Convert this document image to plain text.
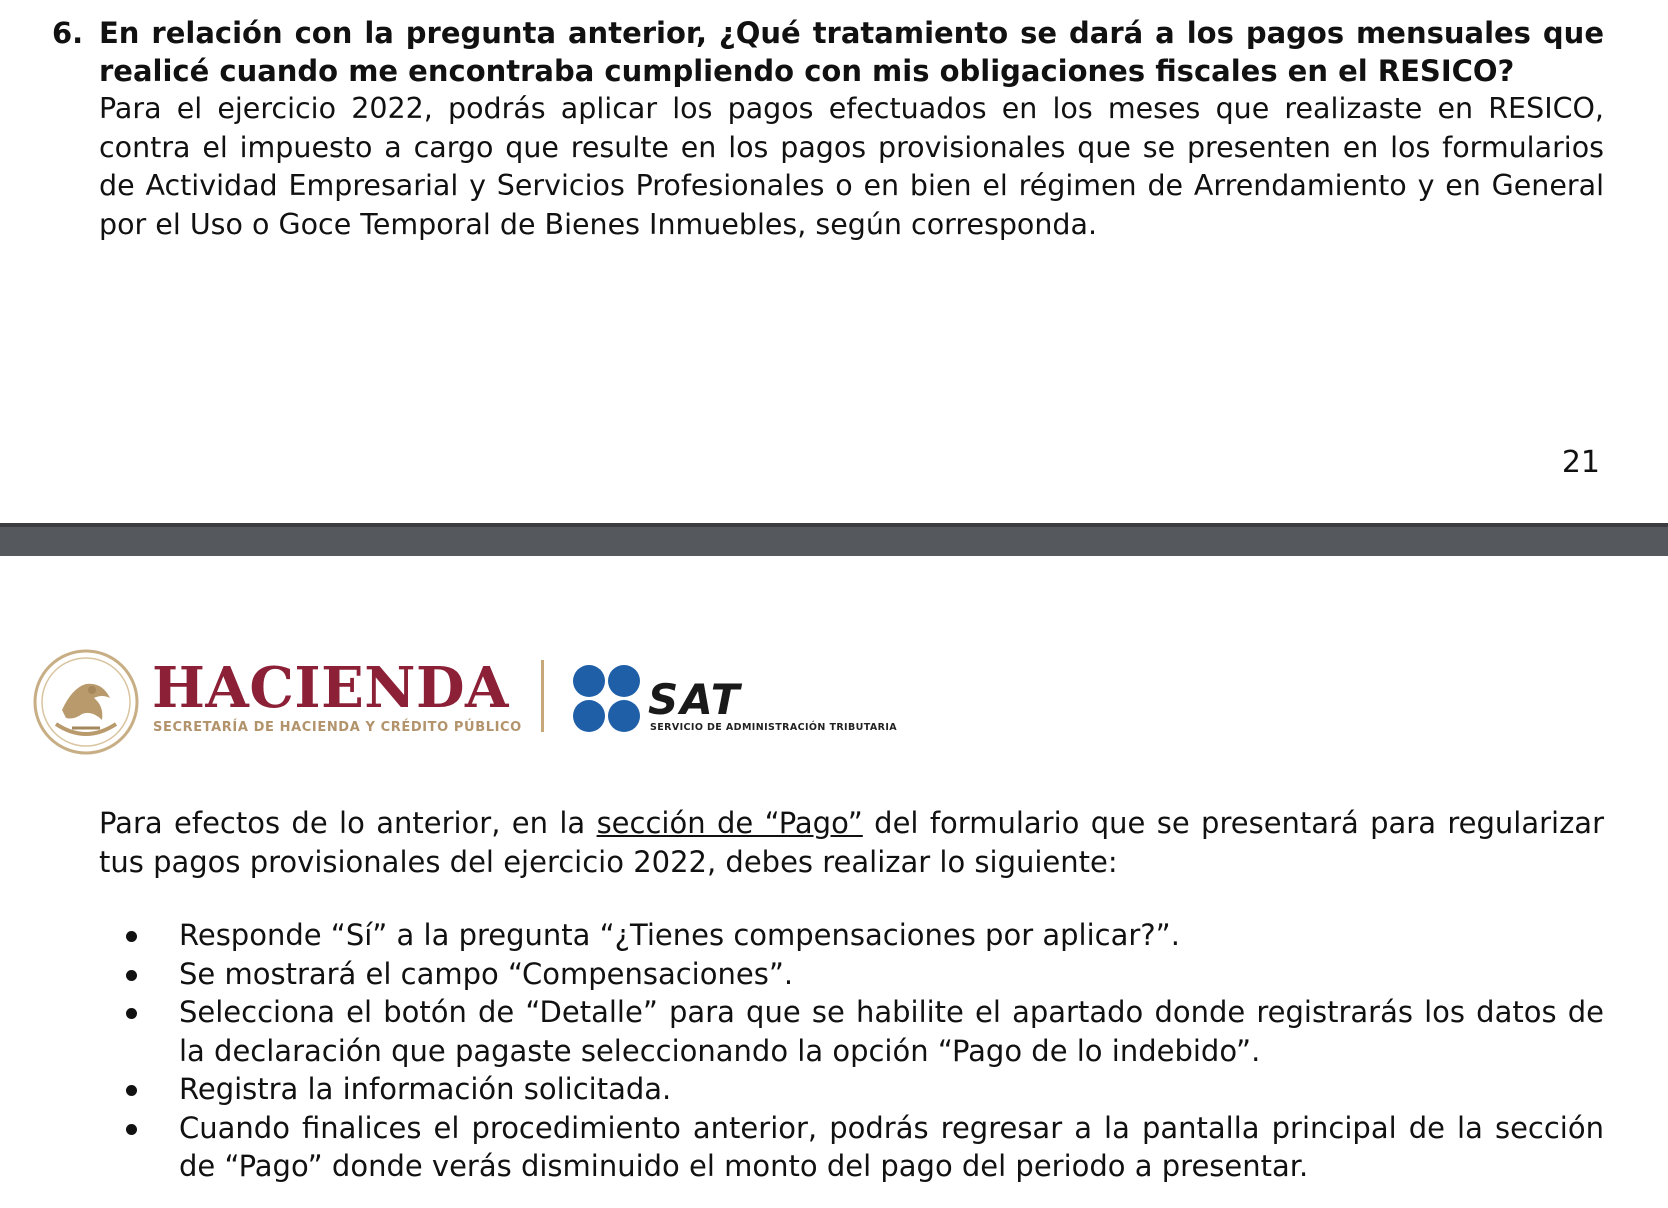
6. En relación con la pregunta anterior, ¿Qué tratamiento se dará a los pagos mensuales que realicé cuando me encontraba cumpliendo con mis obligaciones fiscales en el RESICO?
Para el ejercicio 2022, podrás aplicar los pagos efectuados en los meses que realizaste en RESICO, contra el impuesto a cargo que resulte en los pagos provisionales que se presenten en los formularios de Actividad Empresarial y Servicios Profesionales o en bien el régimen de Arrendamiento y en General por el Uso o Goce Temporal de Bienes Inmuebles, según corresponda.
21
HACIENDA
SECRETARÍA DE HACIENDA Y CRÉDITO PÚBLICO
SAT
SERVICIO DE ADMINISTRACIÓN TRIBUTARIA
Para efectos de lo anterior, en la sección de “Pago” del formulario que se presentará para regularizar tus pagos provisionales del ejercicio 2022, debes realizar lo siguiente:
Responde “Sí” a la pregunta “¿Tienes compensaciones por aplicar?”.
Se mostrará el campo “Compensaciones”.
Selecciona el botón de “Detalle” para que se habilite el apartado donde registrarás los datos de la declaración que pagaste seleccionando la opción “Pago de lo indebido”.
Registra la información solicitada.
Cuando finalices el procedimiento anterior, podrás regresar a la pantalla principal de la sección de “Pago” donde verás disminuido el monto del pago del periodo a presentar.
